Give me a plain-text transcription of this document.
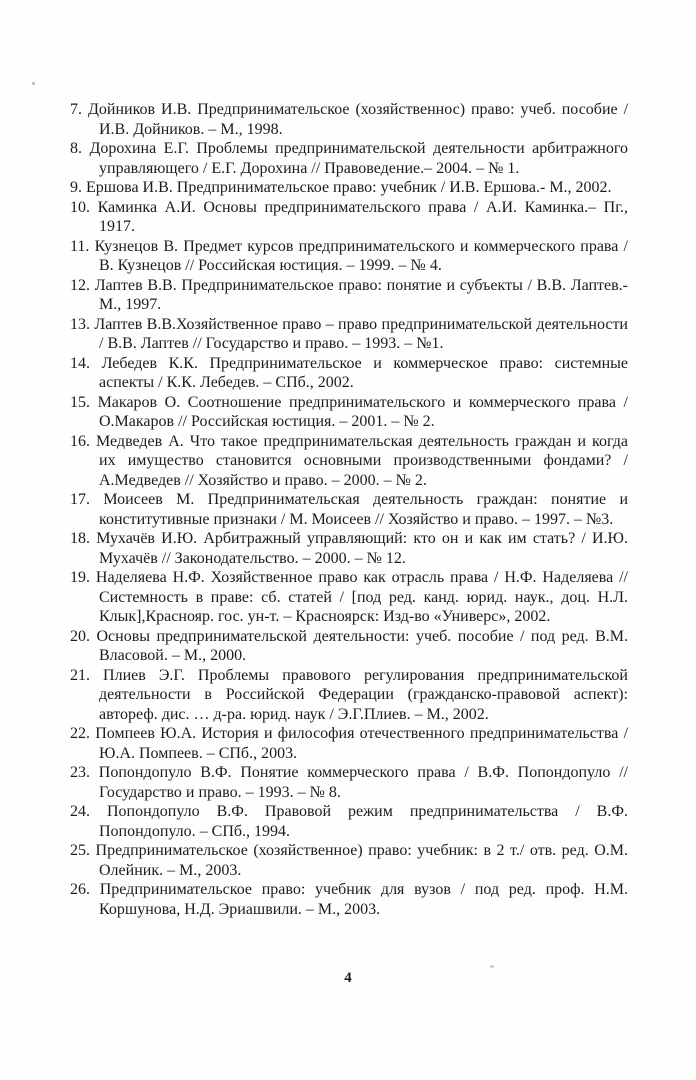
7. Дойников И.В. Предпринимательское (хозяйственнос) право: учеб. пособие / И.В. Дойников. – М., 1998.
8. Дорохина Е.Г. Проблемы предпринимательской деятельности арбитражного управляющего / Е.Г. Дорохина // Правоведение.– 2004. – № 1.
9. Ершова И.В. Предпринимательское право: учебник / И.В. Ершова.- М., 2002.
10. Каминка А.И. Основы предпринимательского права / А.И. Каминка.– Пг., 1917.
11. Кузнецов В. Предмет курсов предпринимательского и коммерческого права / В. Кузнецов // Российская юстиция. – 1999. – № 4.
12. Лаптев В.В. Предпринимательское право: понятие и субъекты / В.В. Лаптев.- М., 1997.
13. Лаптев В.В.Хозяйственное право – право предпринимательской деятельности / В.В. Лаптев // Государство и право. – 1993. – №1.
14. Лебедев К.К. Предпринимательское и коммерческое право: системные аспекты / К.К. Лебедев. – СПб., 2002.
15. Макаров О. Соотношение предпринимательского и коммерческого права / О.Макаров // Российская юстиция. – 2001. – № 2.
16. Медведев А. Что такое предпринимательская деятельность граждан и когда их имущество становится основными производственными фондами? / А.Медведев // Хозяйство и право. – 2000. – № 2.
17. Моисеев М. Предпринимательская деятельность граждан: понятие и конститутивные признаки / М. Моисеев // Хозяйство и право. – 1997. – №3.
18. Мухачёв И.Ю. Арбитражный управляющий: кто он и как им стать? / И.Ю. Мухачёв // Законодательство. – 2000. – № 12.
19. Наделяева Н.Ф. Хозяйственное право как отрасль права / Н.Ф. Наделяева // Системность в праве: сб. статей / [под ред. канд. юрид. наук., доц. Н.Л. Клык],Краснояр. гос. ун-т. – Красноярск: Изд-во «Универс», 2002.
20. Основы предпринимательской деятельности: учеб. пособие / под ред. В.М. Власовой. – М., 2000.
21. Плиев Э.Г. Проблемы правового регулирования предпринимательской деятельности в Российской Федерации (гражданско-правовой аспект): автореф. дис. … д-ра. юрид. наук / Э.Г.Плиев. – М., 2002.
22. Помпеев Ю.А. История и философия отечественного предпринимательства / Ю.А. Помпеев. – СПб., 2003.
23. Попондопуло В.Ф. Понятие коммерческого права / В.Ф. Попондопуло // Государство и право. – 1993. – № 8.
24. Попондопуло В.Ф. Правовой режим предпринимательства / В.Ф. Попондопуло. – СПб., 1994.
25. Предпринимательское (хозяйственное) право: учебник: в 2 т./ отв. ред. О.М. Олейник. – М., 2003.
26. Предпринимательское право: учебник для вузов / под ред. проф. Н.М. Коршунова, Н.Д. Эриашвили. – М., 2003.
4
